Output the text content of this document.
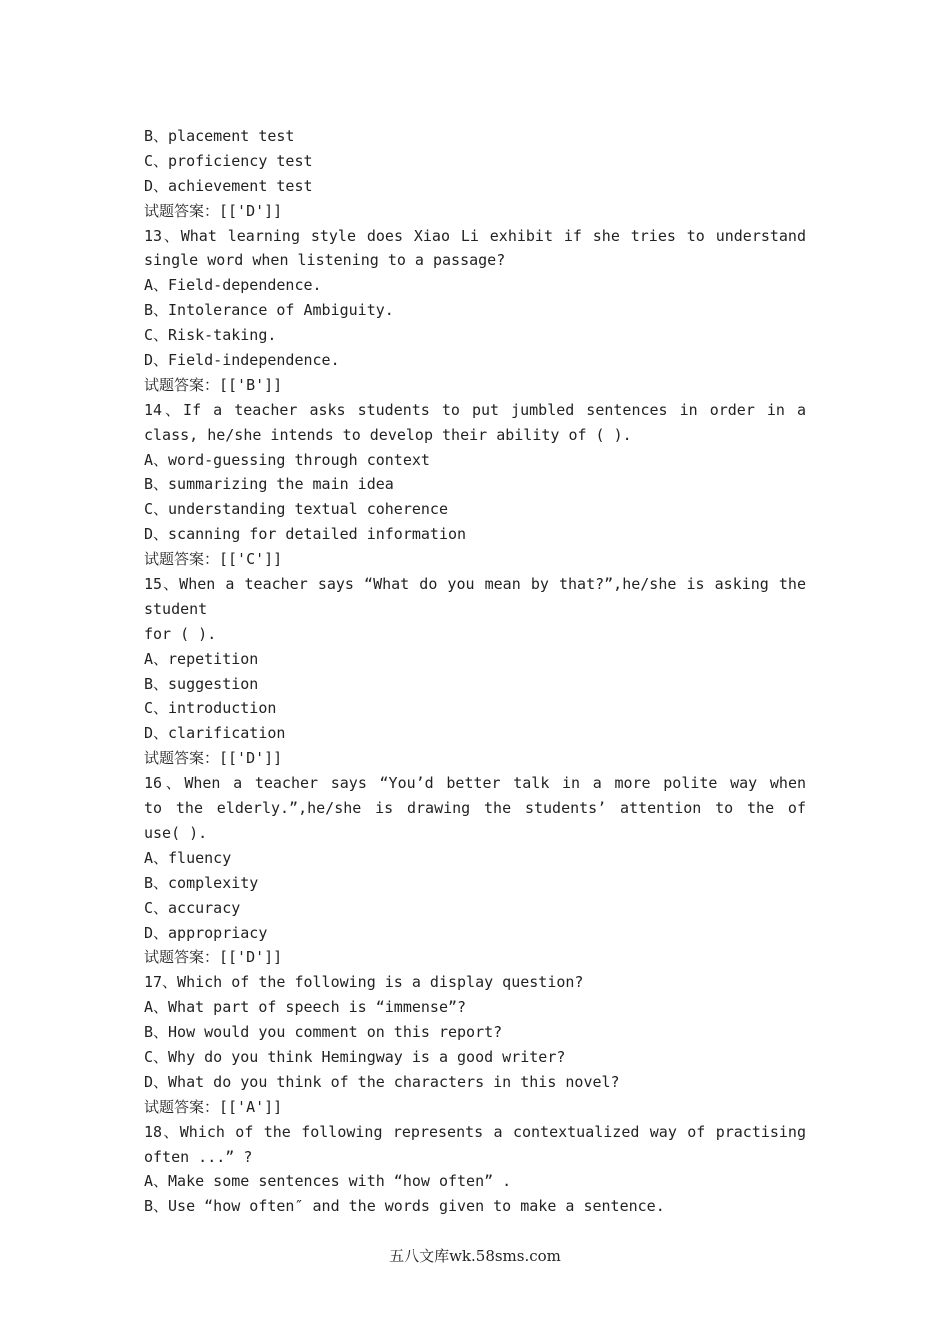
B、placement test
C、proficiency test
D、achievement test
试题答案：[['D']]
13、What learning style does Xiao Li exhibit if she tries to understand
single word when listening to a passage?
A、Field-dependence.
B、Intolerance of Ambiguity.
C、Risk-taking.
D、Field-independence.
试题答案：[['B']]
14、If a teacher asks students to put jumbled sentences in order in a
class, he/she intends to develop their ability of ( ).
A、word-guessing through context
B、summarizing the main idea
C、understanding textual coherence
D、scanning for detailed information
试题答案：[['C']]
15、When a teacher says “What do you mean by that?”,he/she is asking the
student
for ( ).
A、repetition
B、suggestion
C、introduction
D、clarification
试题答案：[['D']]
16、When a teacher says “You’d better talk in a more polite way when
to the elderly.”,he/she is drawing the students’ attention to the of
use( ).
A、fluency
B、complexity
C、accuracy
D、appropriacy
试题答案：[['D']]
17、Which of the following is a display question?
A、What part of speech is “immense”?
B、How would you comment on this report?
C、Why do you think Hemingway is a good writer?
D、What do you think of the characters in this novel?
试题答案：[['A']]
18、Which of the following represents a contextualized way of practising
often ...” ?
A、Make some sentences with “how often” .
B、Use “how often″ and the words given to make a sentence.
五八文库wk.58sms.com
